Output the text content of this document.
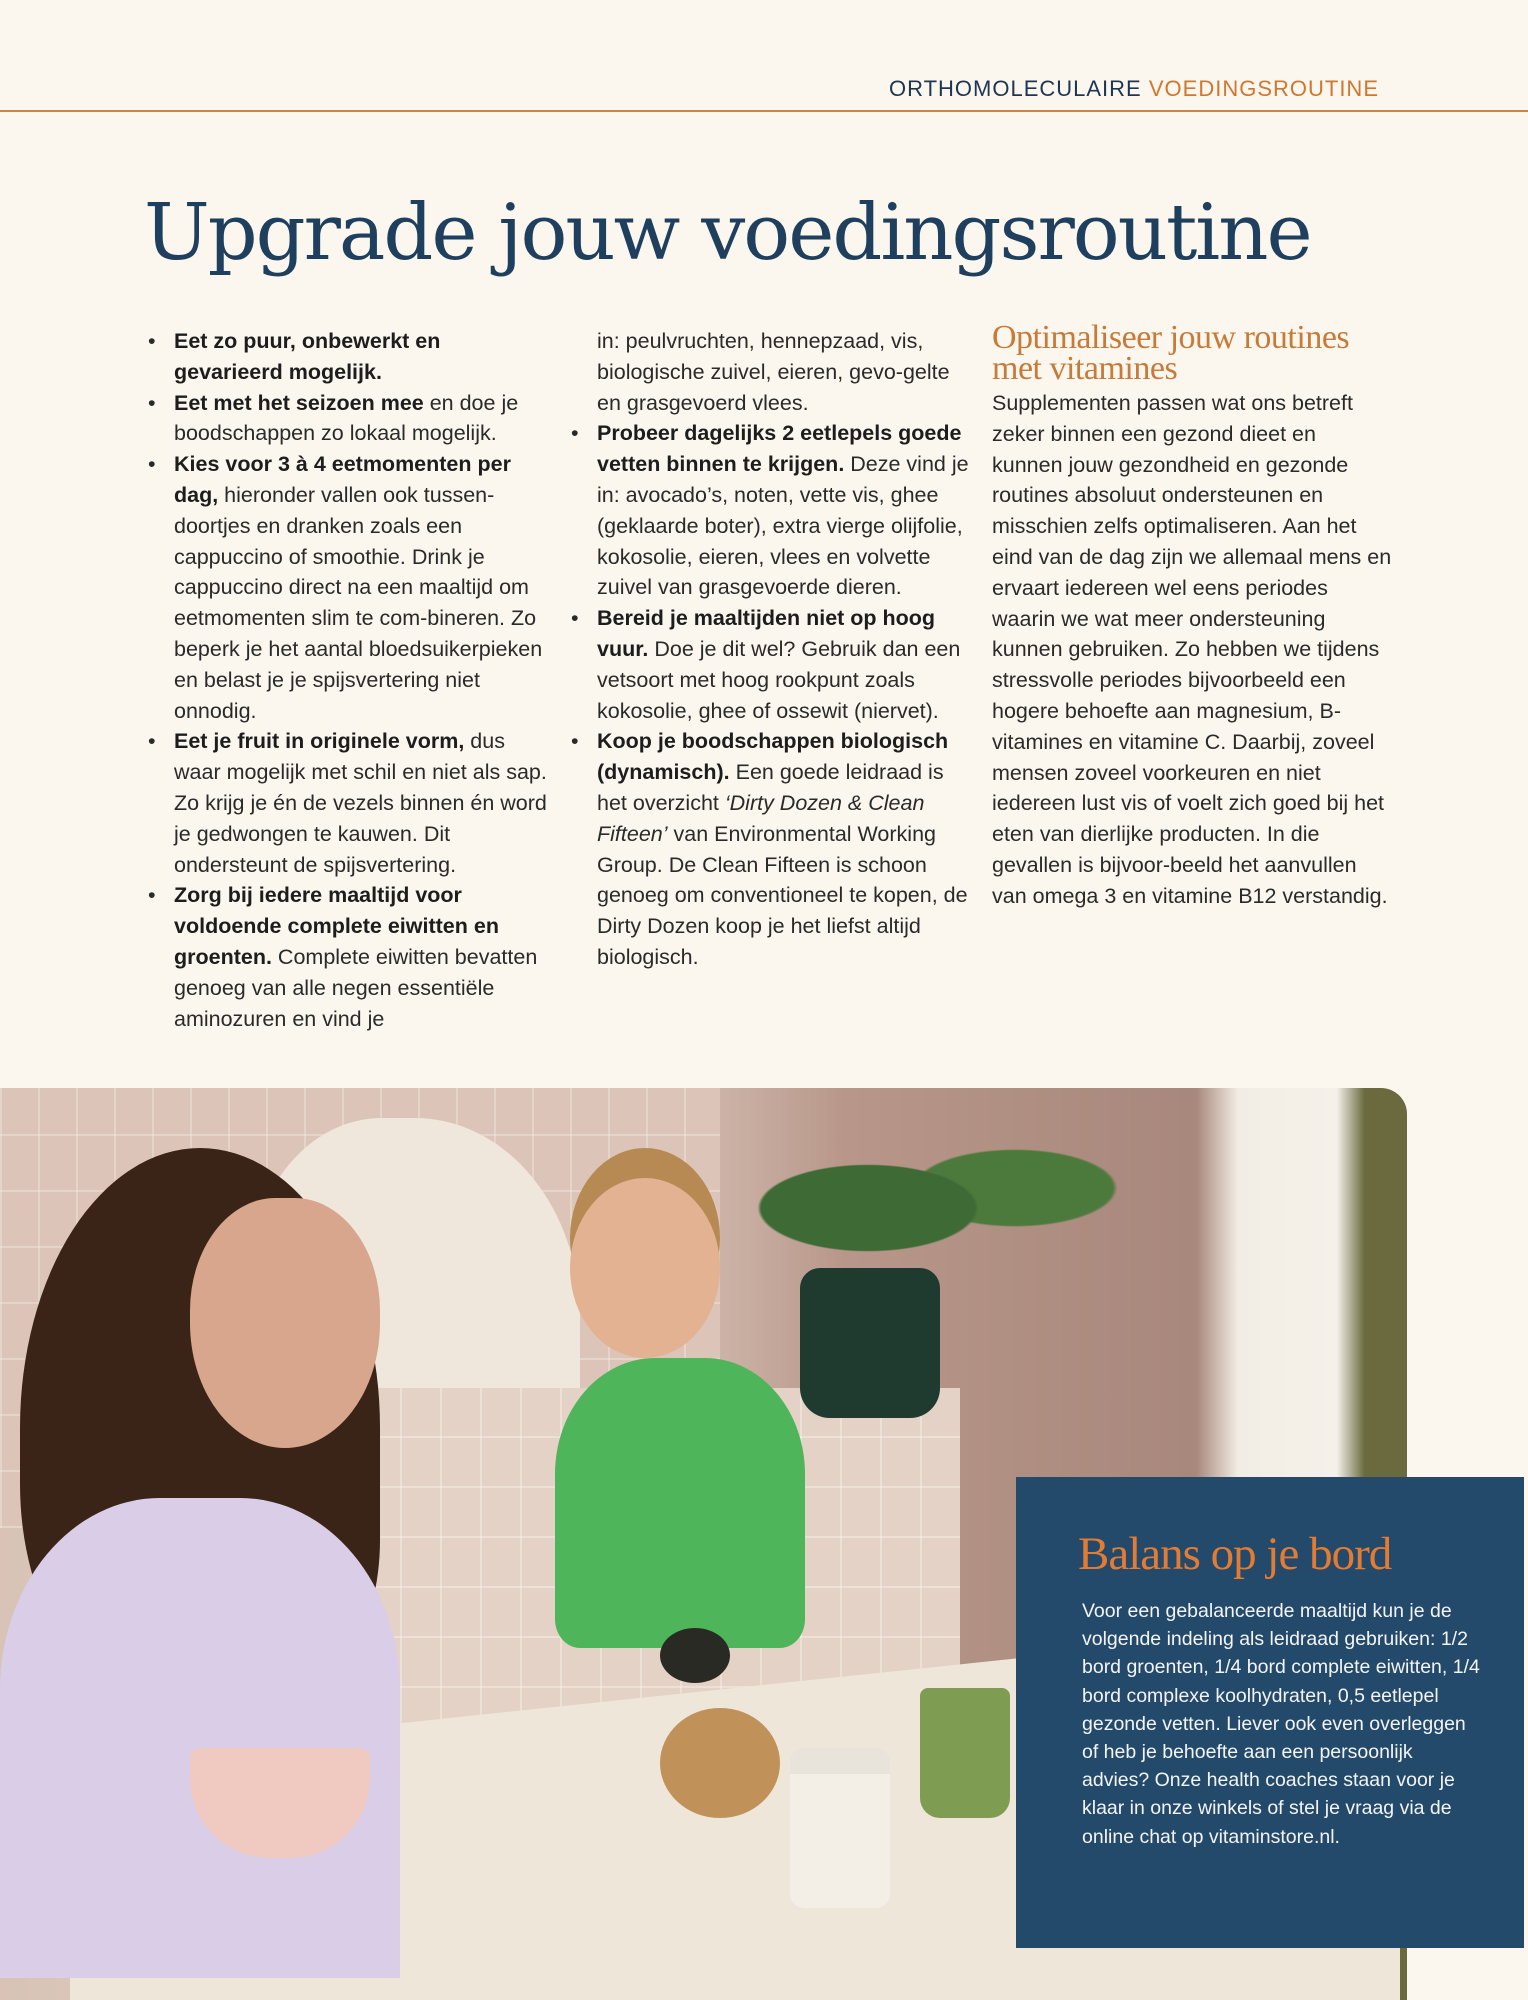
ORTHOMOLECULAIRE VOEDINGSROUTINE
Upgrade jouw voedingsroutine
• Eet zo puur, onbewerkt en gevarieerd mogelijk.
• Eet met het seizoen mee en doe je boodschappen zo lokaal mogelijk.
• Kies voor 3 à 4 eetmomenten per dag, hieronder vallen ook tussen-doortjes en dranken zoals een cappuccino of smoothie. Drink je cappuccino direct na een maaltijd om eetmomenten slim te com-bineren. Zo beperk je het aantal bloedsuikerpieken en belast je je spijsvertering niet onnodig.
• Eet je fruit in originele vorm, dus waar mogelijk met schil en niet als sap. Zo krijg je én de vezels binnen én word je gedwongen te kauwen. Dit ondersteunt de spijsvertering.
• Zorg bij iedere maaltijd voor voldoende complete eiwitten en groenten. Complete eiwitten bevatten genoeg van alle negen essentiële aminozuren en vind je
in: peulvruchten, hennepzaad, vis, biologische zuivel, eieren, gevo-gelte en grasgevoerd vlees.
• Probeer dagelijks 2 eetlepels goede vetten binnen te krijgen. Deze vind je in: avocado’s, noten, vette vis, ghee (geklaarde boter), extra vierge olijfolie, kokosolie, eieren, vlees en volvette zuivel van grasgevoerde dieren.
• Bereid je maaltijden niet op hoog vuur. Doe je dit wel? Gebruik dan een vetsoort met hoog rookpunt zoals kokosolie, ghee of ossewit (niervet).
• Koop je boodschappen biologisch (dynamisch). Een goede leidraad is het overzicht ‘Dirty Dozen & Clean Fifteen’ van Environmental Working Group. De Clean Fifteen is schoon genoeg om conventioneel te kopen, de Dirty Dozen koop je het liefst altijd biologisch.
Optimaliseer jouw routines met vitamines

Supplementen passen wat ons betreft zeker binnen een gezond dieet en kunnen jouw gezondheid en gezonde routines absoluut ondersteunen en misschien zelfs optimaliseren. Aan het eind van de dag zijn we allemaal mens en ervaart iedereen wel eens periodes waarin we wat meer ondersteuning kunnen gebruiken. Zo hebben we tijdens stressvolle periodes bijvoorbeeld een hogere behoefte aan magnesium, B-vitamines en vitamine C. Daarbij, zoveel mensen zoveel voorkeuren en niet iedereen lust vis of voelt zich goed bij het eten van dierlijke producten. In die gevallen is bijvoor-beeld het aanvullen van omega 3 en vitamine B12 verstandig.

Balans op je bord

Voor een gebalanceerde maaltijd kun je de volgende indeling als leidraad gebruiken: 1/2 bord groenten, 1/4 bord complete eiwitten, 1/4 bord complexe koolhydraten, 0,5 eetlepel gezonde vetten. Liever ook even overleggen of heb je behoefte aan een persoonlijk advies? Onze health coaches staan voor je klaar in onze winkels of stel je vraag via de online chat op vitaminstore.nl.
